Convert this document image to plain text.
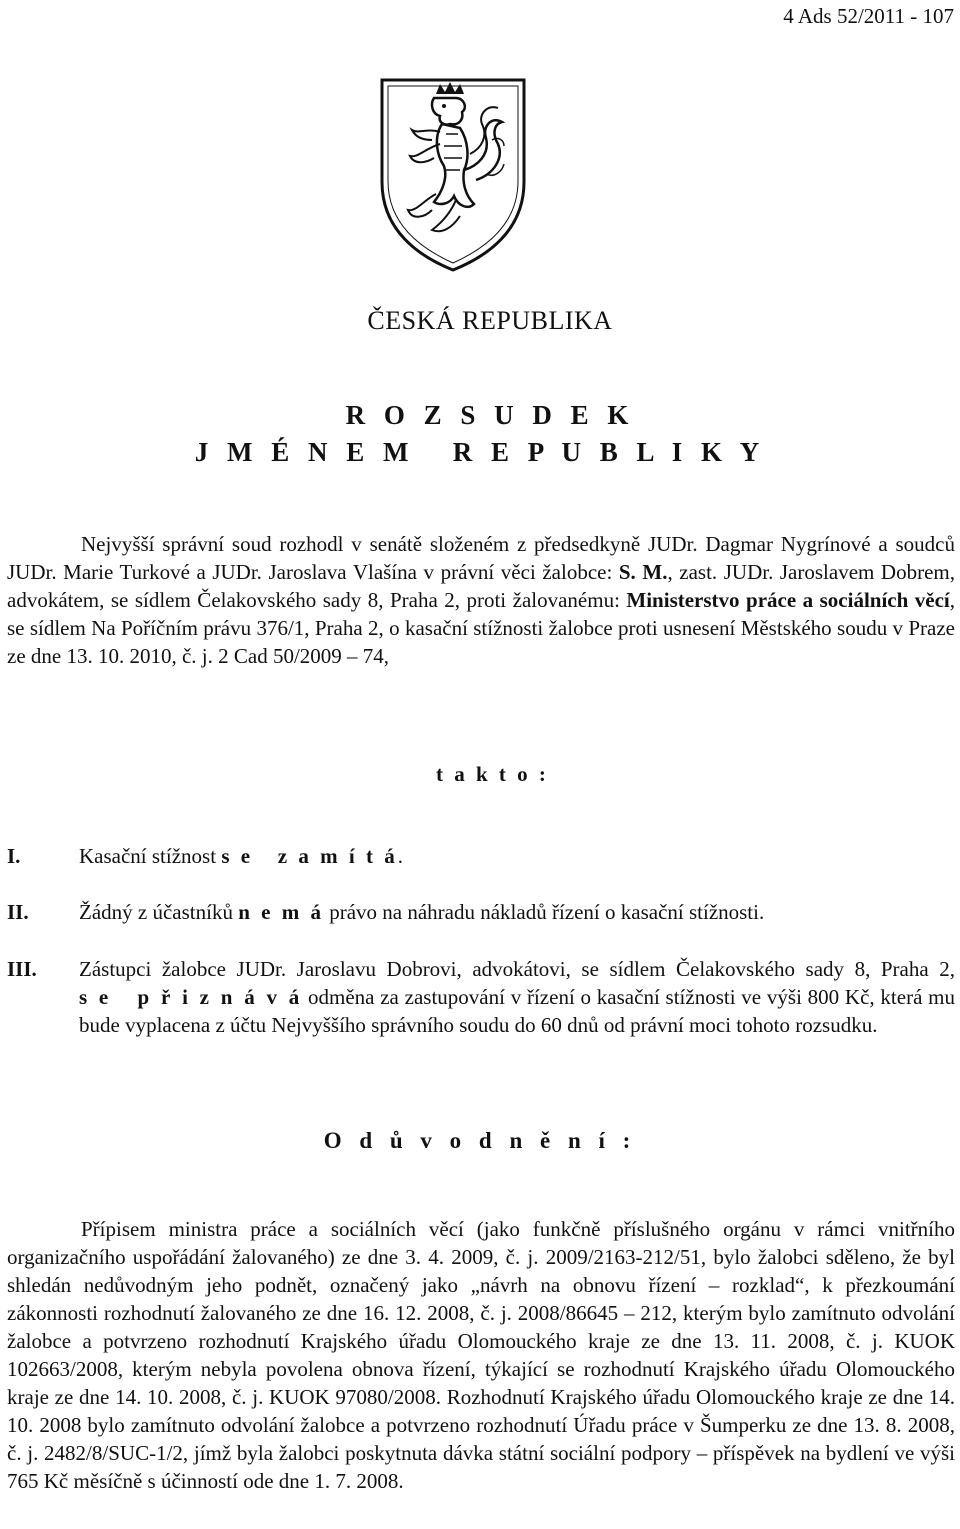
4 Ads 52/2011 - 107
ČESKÁ REPUBLIKA
R O Z S U D E K
J M É N E M   R E P U B L I K Y
Nejvyšší správní soud rozhodl v senátě složeném z předsedkyně JUDr. Dagmar Nygrínové a soudců JUDr. Marie Turkové a JUDr. Jaroslava Vlašína v právní věci žalobce: S. M., zast. JUDr. Jaroslavem Dobrem, advokátem, se sídlem Čelakovského sady 8, Praha 2, proti žalovanému: Ministerstvo práce a sociálních věcí, se sídlem Na Poříčním právu 376/1, Praha 2, o kasační stížnosti žalobce proti usnesení Městského soudu v Praze ze dne 13. 10. 2010, č. j. 2 Cad 50/2009 – 74,
t a k t o :
I.	Kasační stížnost s e   z a m í t á.
II. Žádný z účastníků n e m á právo na náhradu nákladů řízení o kasační stížnosti.
III. Zástupci žalobce JUDr. Jaroslavu Dobrovi, advokátovi, se sídlem Čelakovského sady 8, Praha 2, s e   p ř i z n á v á odměna za zastupování v řízení o kasační stížnosti ve výši 800 Kč, která mu bude vyplacena z účtu Nejvyššího správního soudu do 60 dnů od právní moci tohoto rozsudku.
O d ů v o d n ě n í :
Přípisem ministra práce a sociálních věcí (jako funkčně příslušného orgánu v rámci vnitřního organizačního uspořádání žalovaného) ze dne 3. 4. 2009, č. j. 2009/2163-212/51, bylo žalobci sděleno, že byl shledán nedůvodným jeho podnět, označený jako „návrh na obnovu řízení – rozklad“, k přezkoumání zákonnosti rozhodnutí žalovaného ze dne 16. 12. 2008, č. j. 2008/86645 – 212, kterým bylo zamítnuto odvolání žalobce a potvrzeno rozhodnutí Krajského úřadu Olomouckého kraje ze dne 13. 11. 2008, č. j. KUOK 102663/2008, kterým nebyla povolena obnova řízení, týkající se rozhodnutí Krajského úřadu Olomouckého kraje ze dne 14. 10. 2008, č. j. KUOK 97080/2008. Rozhodnutí Krajského úřadu Olomouckého kraje ze dne 14. 10. 2008 bylo zamítnuto odvolání žalobce a potvrzeno rozhodnutí Úřadu práce v Šumperku ze dne 13. 8. 2008, č. j. 2482/8/SUC-1/2, jímž byla žalobci poskytnuta dávka státní sociální podpory – příspěvek na bydlení ve výši 765 Kč měsíčně s účinností ode dne 1. 7. 2008.
